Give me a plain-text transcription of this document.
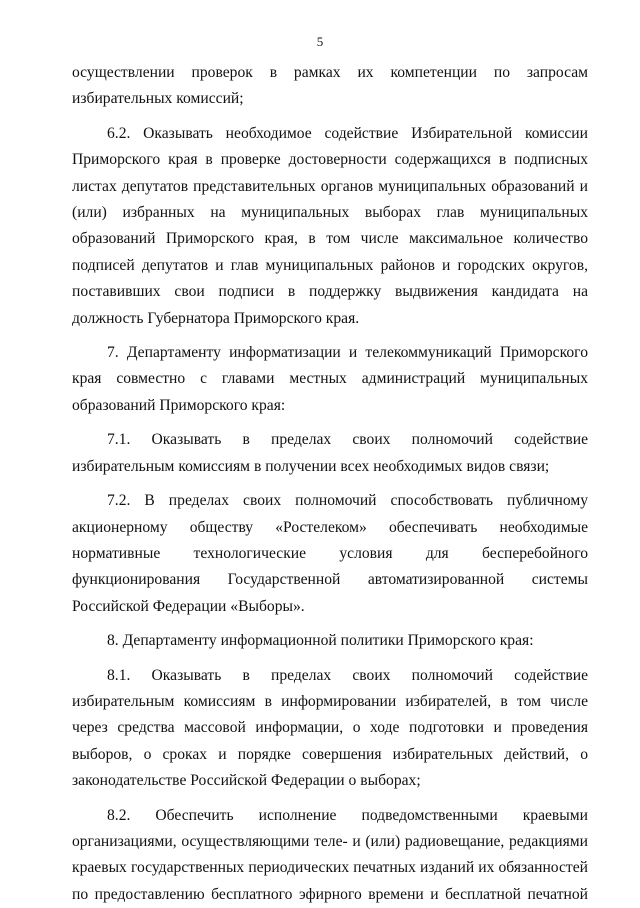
5

осуществлении проверок в рамках их компетенции по запросам избирательных комиссий;

6.2. Оказывать необходимое содействие Избирательной комиссии Приморского края в проверке достоверности содержащихся в подписных листах депутатов представительных органов муниципальных образований и (или) избранных на муниципальных выборах глав муниципальных образований Приморского края, в том числе максимальное количество подписей депутатов и глав муниципальных районов и городских округов, поставивших свои подписи в поддержку выдвижения кандидата на должность Губернатора Приморского края.

7. Департаменту информатизации и телекоммуникаций Приморского края совместно с главами местных администраций муниципальных образований Приморского края:

7.1. Оказывать в пределах своих полномочий содействие избирательным комиссиям в получении всех необходимых видов связи;

7.2. В пределах своих полномочий способствовать публичному акционерному обществу «Ростелеком» обеспечивать необходимые нормативные технологические условия для бесперебойного функционирования Государственной автоматизированной системы Российской Федерации «Выборы».

8. Департаменту информационной политики Приморского края:

8.1. Оказывать в пределах своих полномочий содействие избирательным комиссиям в информировании избирателей, в том числе через средства массовой информации, о ходе подготовки и проведения выборов, о сроках и порядке совершения избирательных действий, о законодательстве Российской Федерации о выборах;

8.2. Обеспечить исполнение подведомственными краевыми организациями, осуществляющими теле- и (или) радиовещание, редакциями краевых государственных периодических печатных изданий их обязанностей по предоставлению бесплатного эфирного времени и бесплатной печатной
